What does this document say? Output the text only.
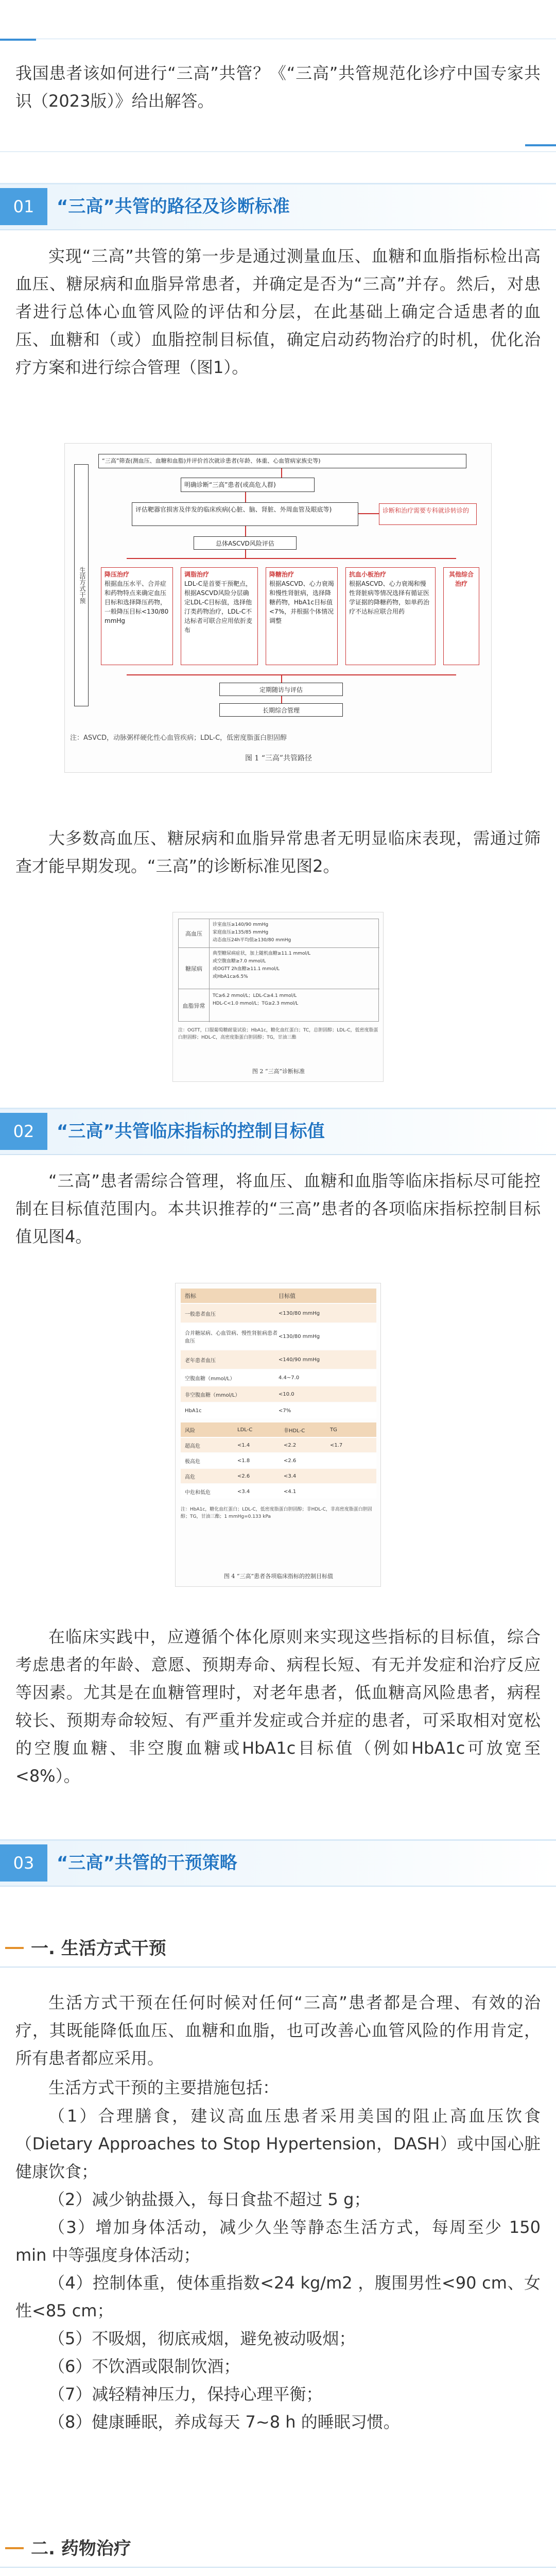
我国患者该如何进行“三高”共管？《“三高”共管规范化诊疗中国专家共识（2023版）》给出解答。

01	“三高”共管的路径及诊断标准

实现“三高”共管的第一步是通过测量血压、血糖和血脂指标检出高血压、糖尿病和血脂异常患者，并确定是否为“三高”并存。然后，对患者进行总体心血管风险的评估和分层，在此基础上确定合适患者的血压、血糖和（或）血脂控制目标值，确定启动药物治疗的时机，优化治疗方案和进行综合管理（图1）。

“三高”筛查(测血压、血糖和血脂)并评价首次就诊患者(年龄、体重、心血管病家族史等)
明确诊断“三高”患者(或高危人群)
评估靶器官损害及伴发的临床疾病(心脏、脑、肾脏、外周血管及眼底等)	诊断和治疗需要专科就诊转诊的
总体ASCVD风险评估
生活方式干预	降压治疗
根据血压水平、合并症和药物特点来确定血压目标和选择降压药物，一般降压目标<130/80 mmHg
调脂治疗
LDL-C是首要干预靶点，根据ASCVD风险分层确定LDL-C目标值，选择他汀类药物治疗，LDL-C不达标者可联合应用依折麦布
降糖治疗
根据ASCVD、心力衰竭和慢性肾脏病，选择降糖药物，HbA1c目标值<7%，并根据个体情况调整
抗血小板治疗
根据ASCVD、心力衰竭和慢性肾脏病等情况选择有循证医学证据的降糖药物，如单药治疗不达标应联合用药
其他综合治疗
定期随访与评估
长期综合管理
注：ASVCD，动脉粥样硬化性心血管疾病；LDL-C，低密度脂蛋白胆固醇
图 1 “三高”共管路径

大多数高血压、糖尿病和血脂异常患者无明显临床表现，需通过筛查才能早期发现。“三高”的诊断标准见图2。

高血压
诊室血压≥140/90 mmHg
家庭血压≥135/85 mmHg
动态血压24h平均值≥130/80 mmHg
糖尿病
典型糖尿病症状，加上随机血糖≥11.1 mmol/L
或空腹血糖≥7.0 mmol/L
或OGTT 2h血糖≥11.1 mmol/L
或HbA1c≥6.5%
血脂异常
TC≥6.2 mmol/L；LDL-C≥4.1 mmol/L
HDL-C<1.0 mmol/L；TG≥2.3 mmol/L
注：OGTT，口服葡萄糖耐量试验；HbA1c，糖化血红蛋白；TC，总胆固醇；LDL-C，低密度脂蛋白胆固醇；HDL-C，高密度脂蛋白胆固醇；TG，甘油三酯
图 2 “三高”诊断标准
02	“三高”共管临床指标的控制目标值

“三高”患者需综合管理，将血压、血糖和血脂等临床指标尽可能控制在目标值范围内。本共识推荐的“三高”患者的各项临床指标控制目标值见图4。

指标	目标值
一般患者血压	<130/80 mmHg
合并糖尿病、心血管病、慢性肾脏病患者血压
<130/80 mmHg
老年患者血压	<140/90 mmHg
空腹血糖（mmol/L）	4.4~7.0
非空腹血糖（mmol/L）	<10.0
HbA1c	<7%
风险	LDL-C	非HDL-C	TG
超高危	<1.4	<2.2	<1.7
极高危	<1.8	<2.6
高危	<2.6	<3.4
中危和低危	<3.4	<4.1
注：HbA1c，糖化血红蛋白；LDL-C，低密度脂蛋白胆固醇；非HDL-C，非高密度脂蛋白胆固醇；TG，甘油三酯；1 mmHg=0.133 kPa
图 4 “三高”患者各项临床指标的控制目标值

在临床实践中，应遵循个体化原则来实现这些指标的目标值，综合考虑患者的年龄、意愿、预期寿命、病程长短、有无并发症和治疗反应等因素。尤其是在血糖管理时，对老年患者，低血糖高风险患者，病程较长、预期寿命较短、有严重并发症或合并症的患者，可采取相对宽松的空腹血糖、非空腹血糖或HbA1c目标值（例如HbA1c可放宽至<8%）。

03	“三高”共管的干预策略
一. 生活方式干预

生活方式干预在任何时候对任何“三高”患者都是合理、有效的治疗，其既能降低血压、血糖和血脂，也可改善心血管风险的作用肯定，所有患者都应采用。

生活方式干预的主要措施包括：

（1）合理膳食，建议高血压患者采用美国的阻止高血压饮食（Dietary Approaches to Stop Hypertension，DASH）或中国心脏健康饮食；

（2）减少钠盐摄入，每日食盐不超过 5 g；

（3）增加身体活动，减少久坐等静态生活方式，每周至少 150 min 中等强度身体活动；

（4）控制体重，使体重指数<24 kg/m2 ，腹围男性<90 cm、女性<85 cm；

（5）不吸烟，彻底戒烟，避免被动吸烟；

（6）不饮酒或限制饮酒；

（7）减轻精神压力，保持心理平衡；

（8）健康睡眠，养成每天 7~8 h 的睡眠习惯。

二. 药物治疗
